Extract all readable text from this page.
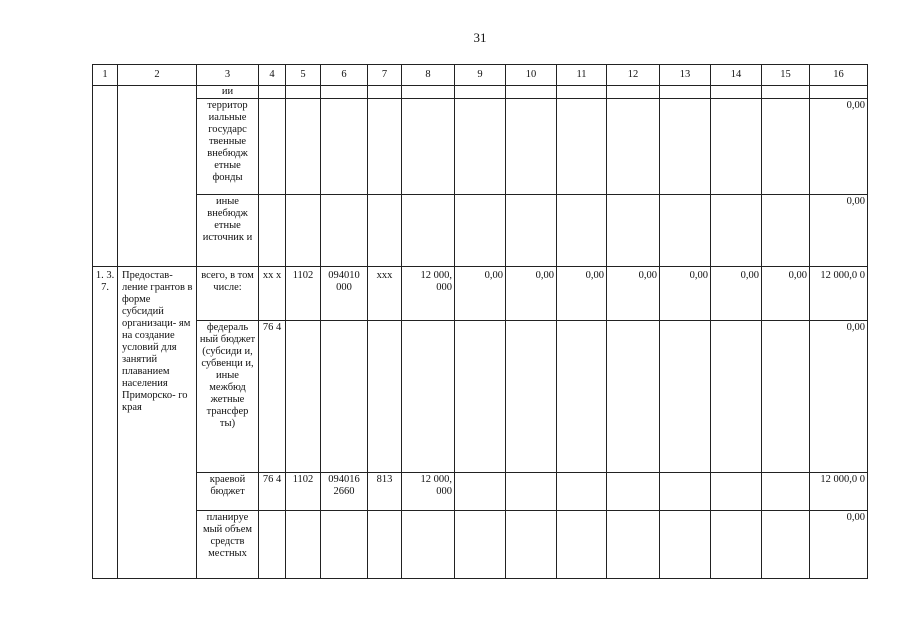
31
1	2	3	4	5	6	7	8	9	10	11	12	13	14	15	16
		ии													
		территор иальные государс твенные внебюдж етные фонды													0,00
		иные внебюдж етные источник и													0,00
1. 3. 7.	Предостав- ление грантов в форме субсидий организаци- ям на создание условий для занятий плаванием населения Приморско- го края	всего, в том числе:	хх х	1102	094010 000	ххх	12 000, 000	0,00	0,00	0,00	0,00	0,00	0,00	0,00	12 000,0 0
		федераль ный бюджет (субсиди и, субвенци и, иные межбюд жетные трансфер ты)	76 4												0,00
		краевой бюджет	76 4	1102	094016 2660	813	12 000, 000								12 000,0 0
		планируе мый объем средств местных													0,00
